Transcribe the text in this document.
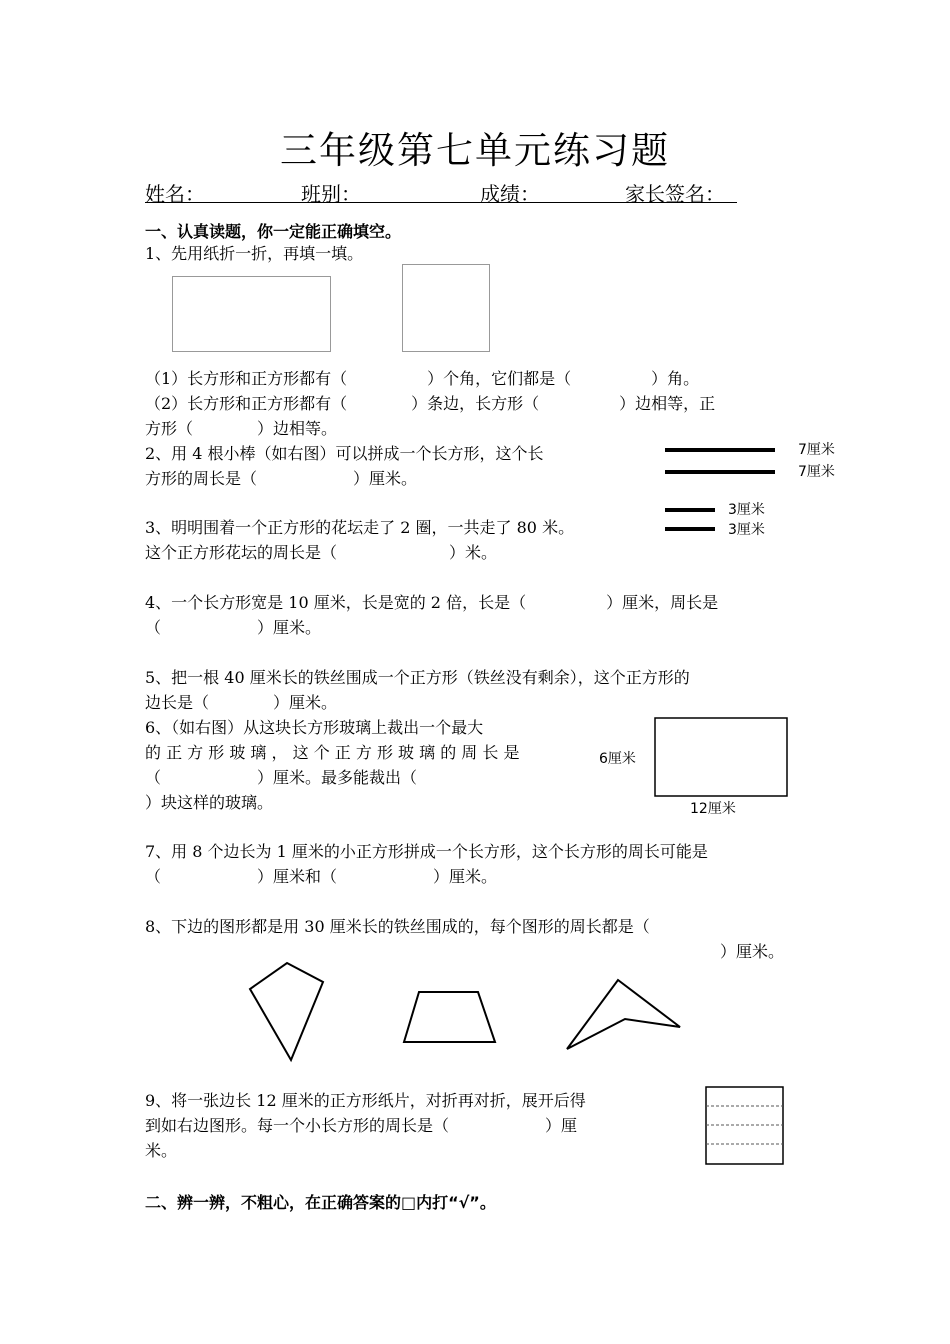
三年级第七单元练习题
姓名：	班别：	成绩：	家长签名：
一、认真读题，你一定能正确填空。
1、先用纸折一折，再填一填。
（1）长方形和正方形都有（　　　　　）个角，它们都是（　　　　　）角。
（2）长方形和正方形都有（　　　　）条边，长方形（　　　　　）边相等，正
方形（　　　　）边相等。
2、用 4 根小棒（如右图）可以拼成一个长方形，这个长
方形的周长是（　　　　　　）厘米。
7厘米
7厘米
3厘米
3厘米
3、明明围着一个正方形的花坛走了 2 圈，一共走了 80 米。
这个正方形花坛的周长是（　　　　　　　）米。
4、一个长方形宽是 10 厘米，长是宽的 2 倍，长是（　　　　　）厘米，周长是
（　　　　　　）厘米。
5、把一根 40 厘米长的铁丝围成一个正方形（铁丝没有剩余），这个正方形的
边长是（　　　　）厘米。
6、（如右图）从这块长方形玻璃上裁出一个最大
的 正 方 形 玻 璃 ， 这 个 正 方 形 玻 璃 的 周 长 是
（　　　　　　）厘米。最多能裁出（
）块这样的玻璃。
6厘米
12厘米
7、用 8 个边长为 1 厘米的小正方形拼成一个长方形，这个长方形的周长可能是
（　　　　　　）厘米和（　　　　　　）厘米。
8、下边的图形都是用 30 厘米长的铁丝围成的，每个图形的周长都是（
）厘米。
9、将一张边长 12 厘米的正方形纸片，对折再对折，展开后得
到如右边图形。每一个小长方形的周长是（　　　　　　）厘
米。
二、辨一辨，不粗心，在正确答案的□内打“√”。
